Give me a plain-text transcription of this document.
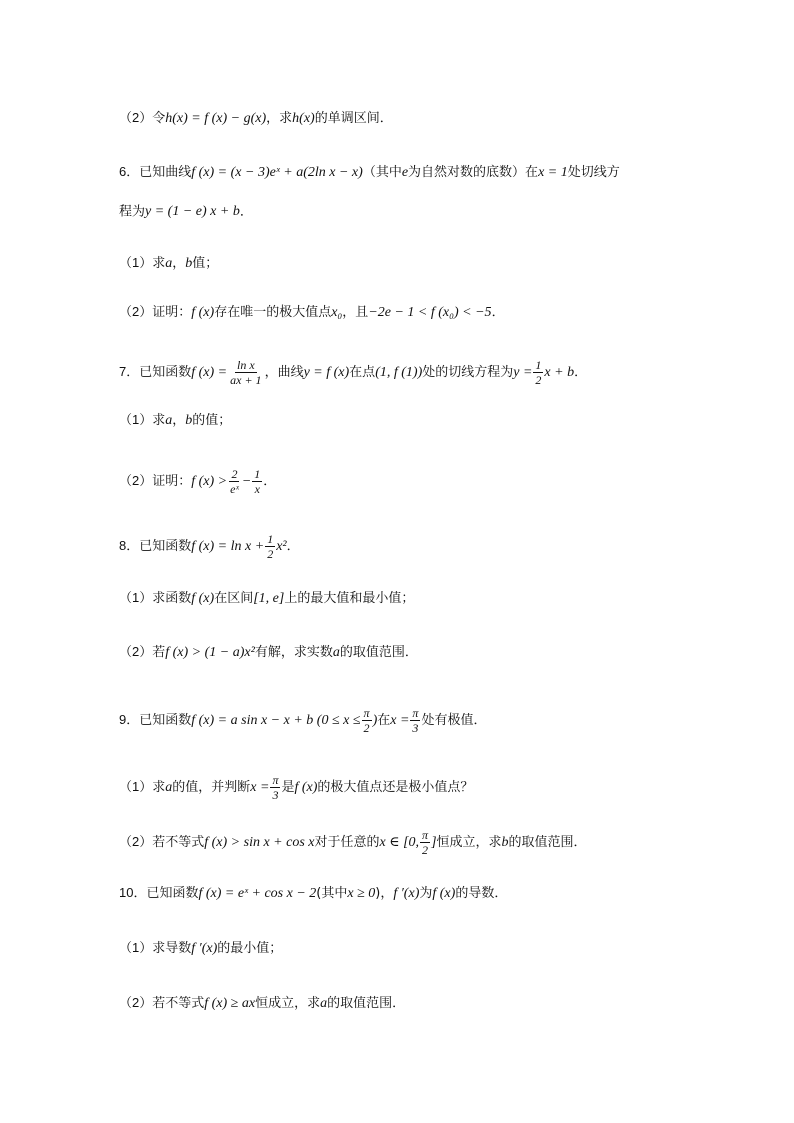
（2）令h(x) = f (x) − g(x)，求h(x)的单调区间．
6．已知曲线f (x) = (x − 3)eˣ + a(2ln x − x)（其中e为自然对数的底数）在x = 1处切线方
程为y = (1 − e) x + b．
（1）求a，b值；
（2）证明：f (x)存在唯一的极大值点x₀，且−2e − 1 < f (x₀) < −5．
7．已知函数f $(x) = \frac{\text{ln x}}{ax + 1}$ ，曲线y = f (x)在点(1, f (1))处的切线方程为$y = \frac{1}{2}$ x + b．
（1）求a，b的值；
（2）证明：f $(x) > \frac{2}{\text{eˣ}} - \frac{1}{x}$ ．
8．已知函数f $(x) = \ln x + \frac{1}{2} x^2$．
（1）求函数f (x)在区间[1, e]上的最大值和最小值；
（2）若f (x) > (1 − a)x²有解，求实数a的取值范围．
9．已知函数f (x) = a sin x − x + b ($0 \le x \le \frac{\pi}{2}$ )在$x = \frac{\pi}{3}$ 处有极值．
（1）求a的值，并判断$x = \frac{\pi}{3}$ 是f (x)的极大值点还是极小值点？
（2）若不等式f (x) > sin x + cos x对于任意的x ∈ [0, $\frac{\pi}{2}$ ]恒成立，求b的取值范围．
10．已知函数f (x) = eˣ + cos x − 2(其中x ≥ 0)，f ′(x)为f (x)的导数．
（1）求导数f ′(x)的最小值；
（2）若不等式f (x) ≥ ax恒成立，求a的取值范围．
